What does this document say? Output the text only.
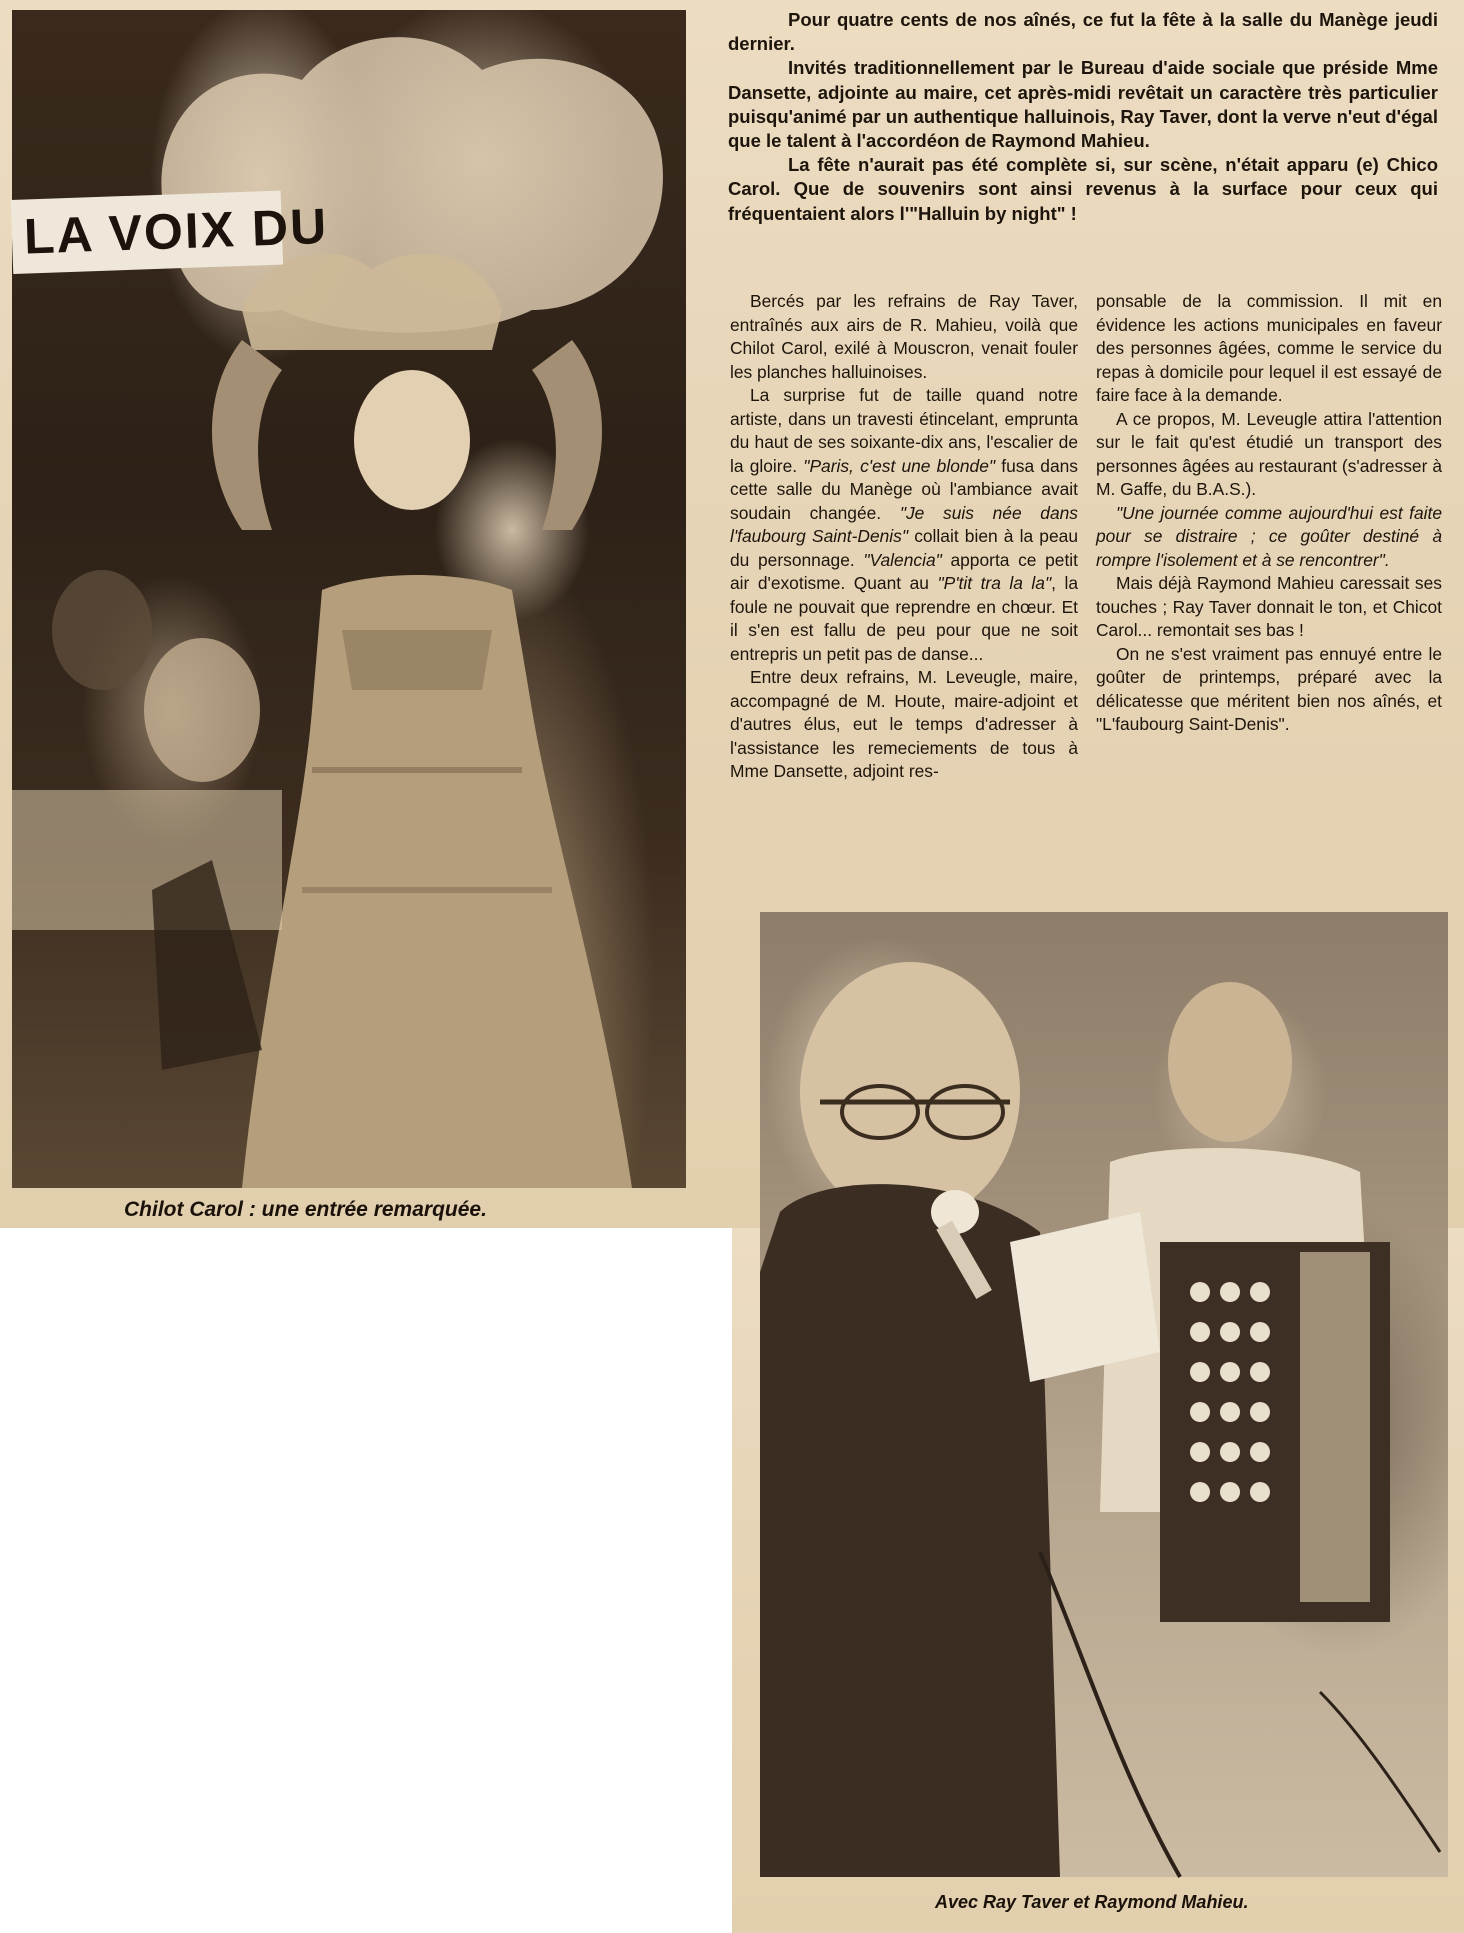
LA VOIX DU
Chilot Carol : une entrée remarquée.

Pour quatre cents de nos aînés, ce fut la fête à la salle du Manège jeudi dernier.

Invités traditionnellement par le Bureau d'aide sociale que préside Mme Dansette, adjointe au maire, cet après-midi revêtait un caractère très particulier puisqu'animé par un authentique halluinois, Ray Taver, dont la verve n'eut d'égal que le talent à l'accordéon de Raymond Mahieu.

La fête n'aurait pas été complète si, sur scène, n'était apparu (e) Chico Carol. Que de souvenirs sont ainsi revenus à la surface pour ceux qui fréquentaient alors l'"Halluin by night" !

Bercés par les refrains de Ray Taver, entraînés aux airs de R. Mahieu, voilà que Chilot Carol, exilé à Mouscron, venait fouler les planches halluinoises.

La surprise fut de taille quand notre artiste, dans un travesti étincelant, emprunta du haut de ses soixante-dix ans, l'escalier de la gloire. "Paris, c'est une blonde" fusa dans cette salle du Manège où l'ambiance avait soudain changée. "Je suis née dans l'faubourg Saint-Denis" collait bien à la peau du personnage. "Valencia" apporta ce petit air d'exotisme. Quant au "P'tit tra la la", la foule ne pouvait que reprendre en chœur. Et il s'en est fallu de peu pour que ne soit entrepris un petit pas de danse...

Entre deux refrains, M. Leveugle, maire, accompagné de M. Houte, maire-adjoint et d'autres élus, eut le temps d'adresser à l'assistance les remeciements de tous à Mme Dansette, adjoint res-

ponsable de la commission. Il mit en évidence les actions municipales en faveur des personnes âgées, comme le service du repas à domicile pour lequel il est essayé de faire face à la demande.

A ce propos, M. Leveugle attira l'attention sur le fait qu'est étudié un transport des personnes âgées au restaurant (s'adresser à M. Gaffe, du B.A.S.).

"Une journée comme aujourd'hui est faite pour se distraire ; ce goûter destiné à rompre l'isolement et à se rencontrer".

Mais déjà Raymond Mahieu caressait ses touches ; Ray Taver donnait le ton, et Chicot Carol... remontait ses bas !

On ne s'est vraiment pas ennuyé entre le goûter de printemps, préparé avec la délicatesse que méritent bien nos aînés, et "L'faubourg Saint-Denis".

Avec Ray Taver et Raymond Mahieu.
